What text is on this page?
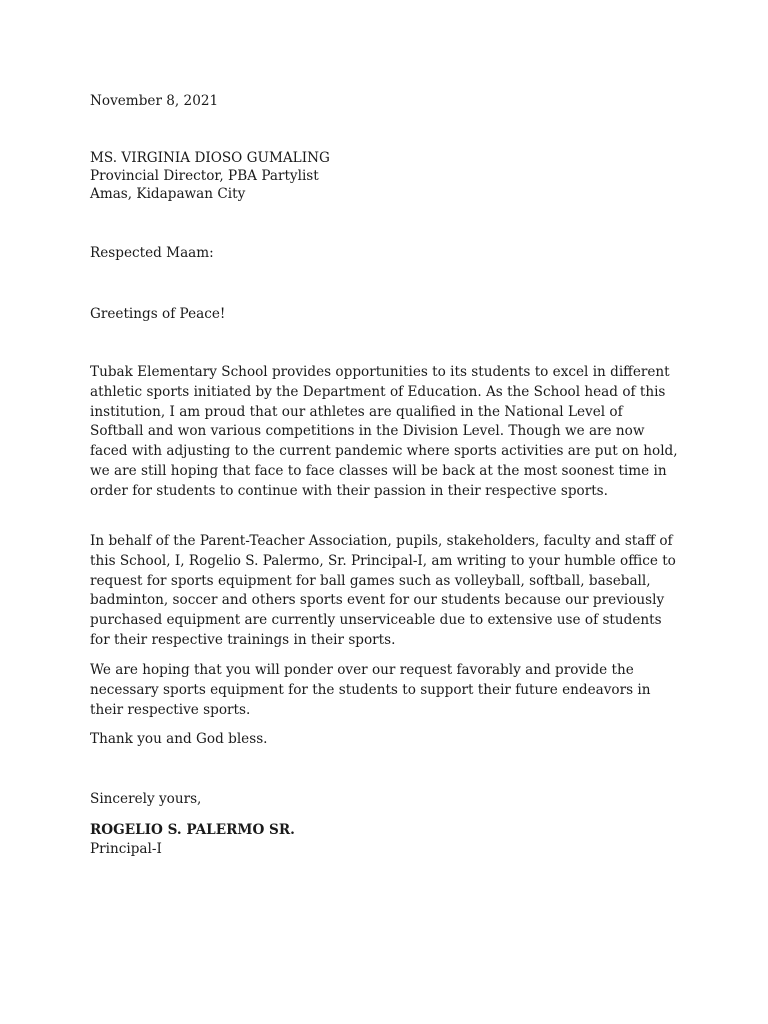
November 8, 2021

MS. VIRGINIA DIOSO GUMALING
Provincial Director, PBA Partylist
Amas, Kidapawan City

Respected Maam:

Greetings of Peace!

Tubak Elementary School provides opportunities to its students to excel in different athletic sports initiated by the Department of Education. As the School head of this institution, I am proud that our athletes are qualified in the National Level of Softball and won various competitions in the Division Level. Though we are now faced with adjusting to the current pandemic where sports activities are put on hold, we are still hoping that face to face classes will be back at the most soonest time in order for students to continue with their passion in their respective sports.

In behalf of the Parent-Teacher Association, pupils, stakeholders, faculty and staff of this School, I, Rogelio S. Palermo, Sr. Principal-I, am writing to your humble office to request for sports equipment for ball games such as volleyball, softball, baseball, badminton, soccer and others sports event for our students because our previously purchased equipment are currently unserviceable due to extensive use of students for their respective trainings in their sports.

We are hoping that you will ponder over our request favorably and provide the necessary sports equipment for the students to support their future endeavors in their respective sports.

Thank you and God bless.

Sincerely yours,

ROGELIO S. PALERMO SR.

Principal-I
